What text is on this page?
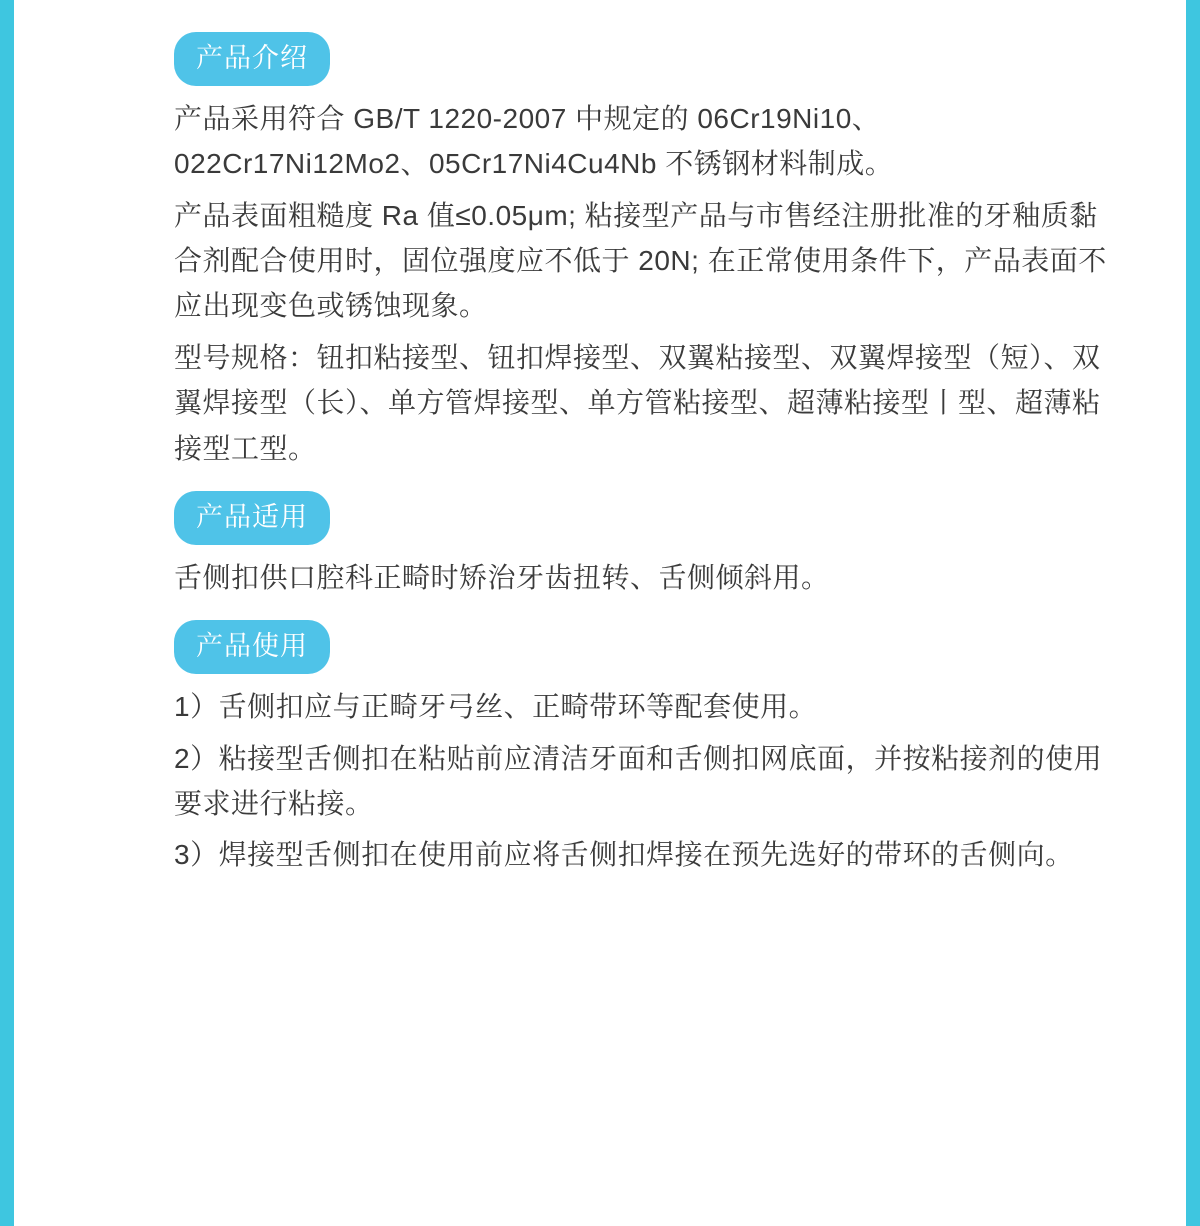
产品介绍

产品采用符合 GB/T 1220-2007 中规定的 06Cr19Ni10、022Cr17Ni12Mo2、05Cr17Ni4Cu4Nb 不锈钢材料制成。

产品表面粗糙度 Ra 值≤0.05μm; 粘接型产品与市售经注册批准的牙釉质黏合剂配合使用时，固位强度应不低于 20N; 在正常使用条件下，产品表面不应出现变色或锈蚀现象。

型号规格：钮扣粘接型、钮扣焊接型、双翼粘接型、双翼焊接型（短）、双翼焊接型（长）、单方管焊接型、单方管粘接型、超薄粘接型丨型、超薄粘接型工型。

产品适用

舌侧扣供口腔科正畸时矫治牙齿扭转、舌侧倾斜用。

产品使用

1）舌侧扣应与正畸牙弓丝、正畸带环等配套使用。

2）粘接型舌侧扣在粘贴前应清洁牙面和舌侧扣网底面，并按粘接剂的使用要求进行粘接。

3）焊接型舌侧扣在使用前应将舌侧扣焊接在预先选好的带环的舌侧向。
